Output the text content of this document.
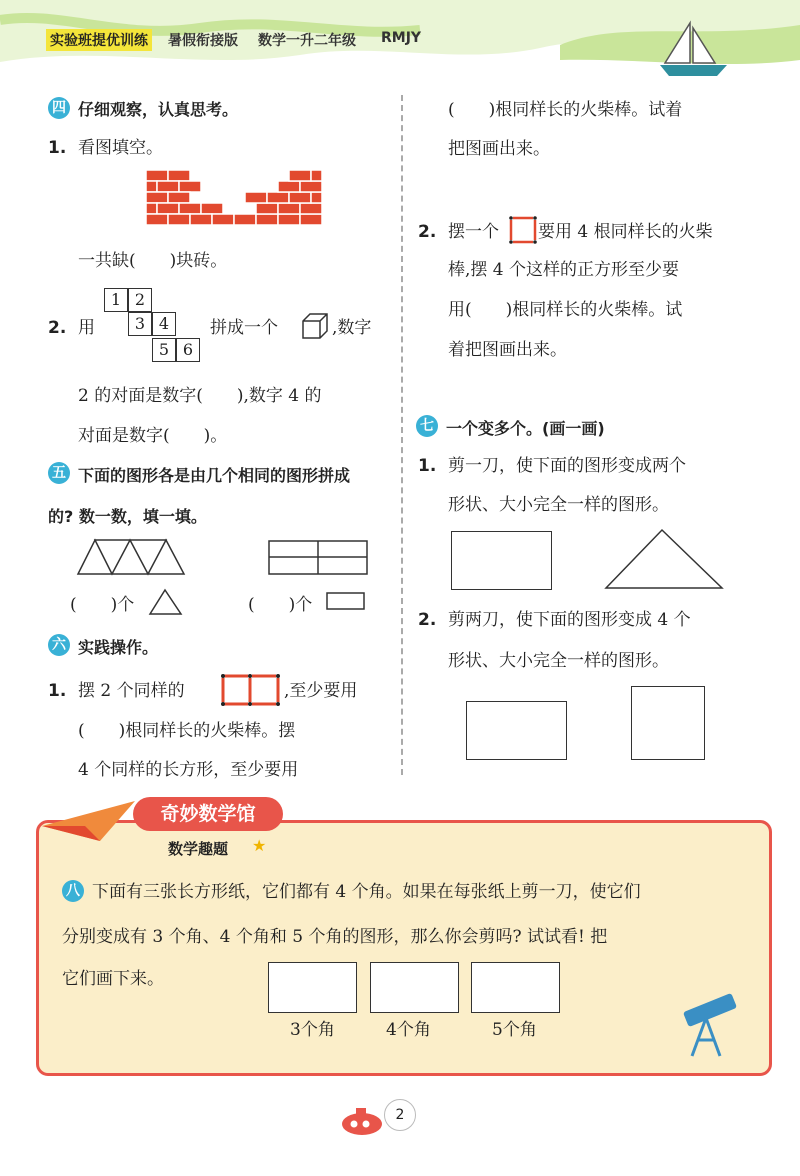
实验班提优训练 暑假衔接版 数学一升二年级 RMJY
四 仔细观察，认真思考。
1. 看图填空。
一共缺(　　)块砖。
1 2
3 4
5 6
2. 用	拼成一个	,数字
2 的对面是数字(　　),数字 4 的
对面是数字(　　)。
五 下面的图形各是由几个相同的图形拼成
的? 数一数，填一填。
(　　)个	(　　)个
六 实践操作。
1. 摆 2 个同样的	,至少要用
(　　)根同样长的火柴棒。摆
4 个同样的长方形，至少要用
(　　)根同样长的火柴棒。试着
把图画出来。
2. 摆一个 要用 4 根同样长的火柴
棒,摆 4 个这样的正方形至少要
用(　　)根同样长的火柴棒。试
着把图画出来。
七 一个变多个。(画一画)
1. 剪一刀，使下面的图形变成两个
形状、大小完全一样的图形。
2. 剪两刀，使下面的图形变成 4 个
形状、大小完全一样的图形。
奇妙数学馆
数学趣题 ★
八 下面有三张长方形纸，它们都有 4 个角。如果在每张纸上剪一刀，使它们
分别变成有 3 个角、4 个角和 5 个角的图形，那么你会剪吗? 试试看! 把
它们画下来。
3个角	4个角	5个角
2
